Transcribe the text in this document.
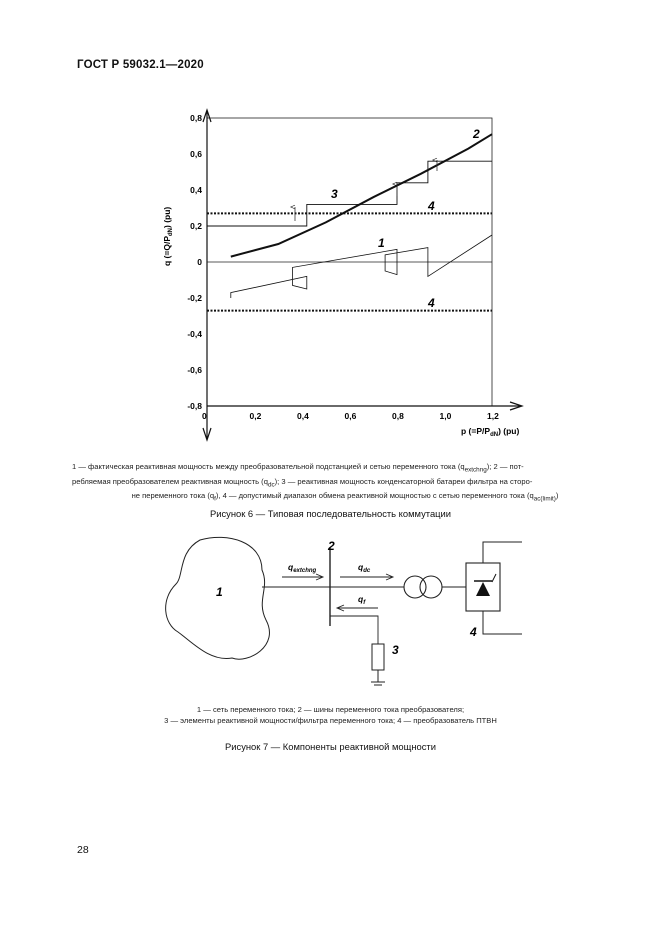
ГОСТ Р 59032.1—2020
0	0,2	0,4	0,6	0,8	1,0	1,2
0,8
0,6
0,4
0,2
0
-0,2
-0,4
-0,6
-0,8
q $(=Q/P_{dN})$ (pu)
p $(=P/P_{dN})$ (pu)
1
2
3
4
4
1 — фактическая реактивная мощность между преобразовательной подстанцией и сетью переменного тока $(q_{extchng})$; 2 — пот-
ребляемая преобразователем реактивная мощность $(q_{dc})$; 3 — реактивная мощность конденсаторной батареи фильтра на сторо-
не переменного тока $(q_f)$, 4 — допустимый диапазон обмена реактивной мощностью с сетью переменного тока $(q_{ac(limit)})$
Рисунок 6 — Типовая последовательность коммутации
1
2
$q_{extchng}$	$q_{dc}$
$q_f$
3
4
1 — сеть переменного тока; 2 — шины переменного тока преобразователя;
3 — элементы реактивной мощности/фильтра переменного тока; 4 — преобразователь ПТВН
Рисунок 7 — Компоненты реактивной мощности
28
